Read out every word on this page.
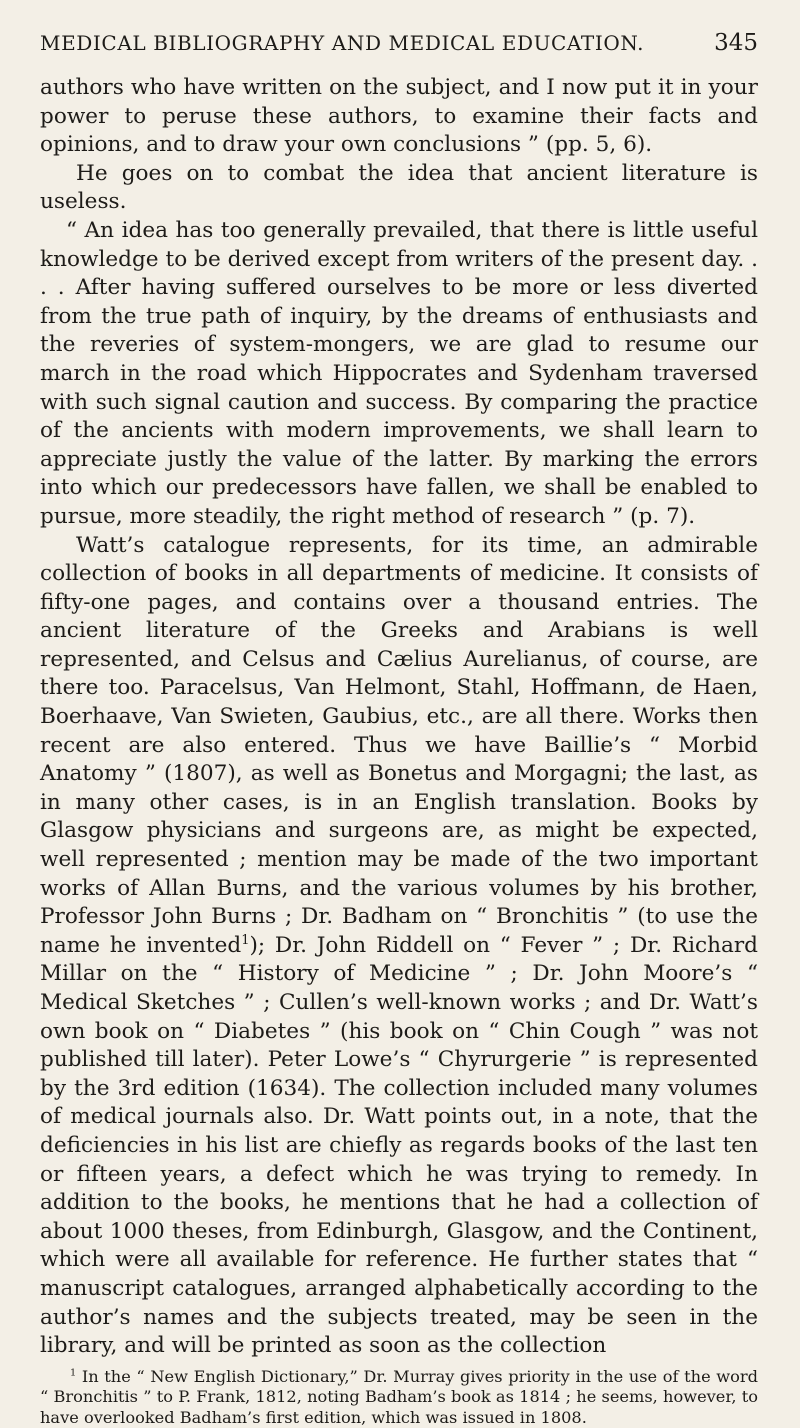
MEDICAL BIBLIOGRAPHY AND MEDICAL EDUCATION.	345

authors who have written on the subject, and I now put it in your power to peruse these authors, to examine their facts and opinions, and to draw your own conclusions ” (pp. 5, 6).

He goes on to combat the idea that ancient literature is useless.

“ An idea has too generally prevailed, that there is little useful knowledge to be derived except from writers of the present day. . . . After having suffered ourselves to be more or less diverted from the true path of inquiry, by the dreams of enthusiasts and the reveries of system-mongers, we are glad to resume our march in the road which Hippocrates and Sydenham traversed with such signal caution and success. By comparing the practice of the ancients with modern improvements, we shall learn to appreciate justly the value of the latter. By marking the errors into which our predecessors have fallen, we shall be enabled to pursue, more steadily, the right method of research ” (p. 7).

Watt’s catalogue represents, for its time, an admirable collection of books in all departments of medicine. It consists of fifty-one pages, and contains over a thousand entries. The ancient literature of the Greeks and Arabians is well represented, and Celsus and Cælius Aurelianus, of course, are there too. Paracelsus, Van Helmont, Stahl, Hoffmann, de Haen, Boerhaave, Van Swieten, Gaubius, etc., are all there. Works then recent are also entered. Thus we have Baillie’s “ Morbid Anatomy ” (1807), as well as Bonetus and Morgagni; the last, as in many other cases, is in an English translation. Books by Glasgow physicians and surgeons are, as might be expected, well represented ; mention may be made of the two important works of Allan Burns, and the various volumes by his brother, Professor John Burns ; Dr. Badham on “ Bronchitis ” (to use the name he invented$^1$); Dr. John Riddell on “ Fever ” ; Dr. Richard Millar on the “ History of Medicine ” ; Dr. John Moore’s “ Medical Sketches ” ; Cullen’s well-known works ; and Dr. Watt’s own book on “ Diabetes ” (his book on “ Chin Cough ” was not published till later). Peter Lowe’s “ Chyrurgerie ” is represented by the 3rd edition (1634). The collection included many volumes of medical journals also. Dr. Watt points out, in a note, that the deficiencies in his list are chiefly as regards books of the last ten or fifteen years, a defect which he was trying to remedy. In addition to the books, he mentions that he had a collection of about 1000 theses, from Edinburgh, Glasgow, and the Continent, which were all available for reference. He further states that “ manuscript catalogues, arranged alphabetically according to the author’s names and the subjects treated, may be seen in the library, and will be printed as soon as the collection

$^1$ In the “ New English Dictionary,” Dr. Murray gives priority in the use of the word “ Bronchitis ” to P. Frank, 1812, noting Badham’s book as 1814 ; he seems, however, to have overlooked Badham’s first edition, which was issued in 1808.
